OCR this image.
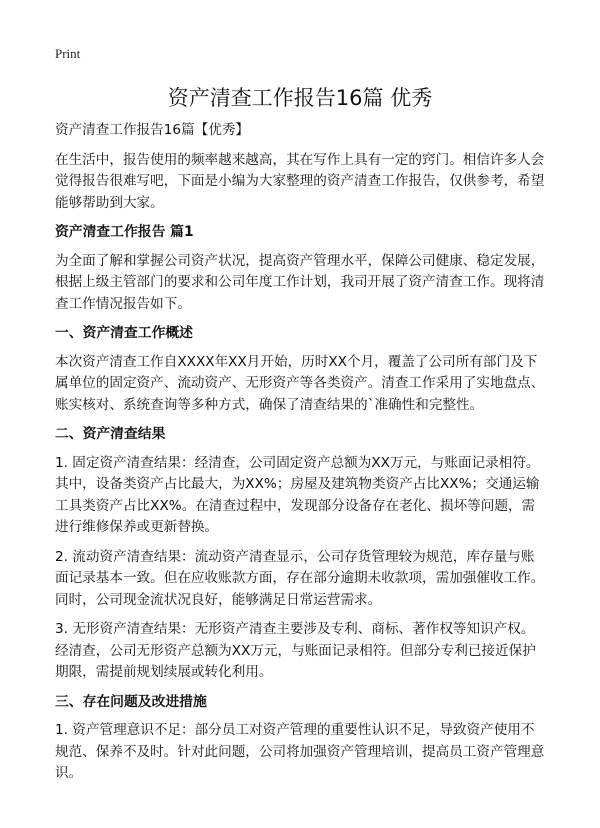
Print
资产清查工作报告16篇 优秀
资产清查工作报告16篇【优秀】

在生活中，报告使用的频率越来越高，其在写作上具有一定的窍门。相信许多人会觉得报告很难写吧，下面是小编为大家整理的资产清查工作报告，仅供参考，希望能够帮助到大家。

资产清查工作报告 篇1

为全面了解和掌握公司资产状况，提高资产管理水平，保障公司健康、稳定发展，根据上级主管部门的要求和公司年度工作计划，我司开展了资产清查工作。现将清查工作情况报告如下。

一、资产清查工作概述

本次资产清查工作自XXXX年XX月开始，历时XX个月，覆盖了公司所有部门及下属单位的固定资产、流动资产、无形资产等各类资产。清查工作采用了实地盘点、账实核对、系统查询等多种方式，确保了清查结果的`准确性和完整性。

二、资产清查结果

1. 固定资产清查结果：经清查，公司固定资产总额为XX万元，与账面记录相符。其中，设备类资产占比最大，为XX%；房屋及建筑物类资产占比XX%；交通运输工具类资产占比XX%。在清查过程中，发现部分设备存在老化、损坏等问题，需进行维修保养或更新替换。

2. 流动资产清查结果：流动资产清查显示，公司存货管理较为规范，库存量与账面记录基本一致。但在应收账款方面，存在部分逾期未收款项，需加强催收工作。同时，公司现金流状况良好，能够满足日常运营需求。

3. 无形资产清查结果：无形资产清查主要涉及专利、商标、著作权等知识产权。经清查，公司无形资产总额为XX万元，与账面记录相符。但部分专利已接近保护期限，需提前规划续展或转化利用。

三、存在问题及改进措施

1. 资产管理意识不足：部分员工对资产管理的重要性认识不足，导致资产使用不规范、保养不及时。针对此问题，公司将加强资产管理培训，提高员工资产管理意识。
